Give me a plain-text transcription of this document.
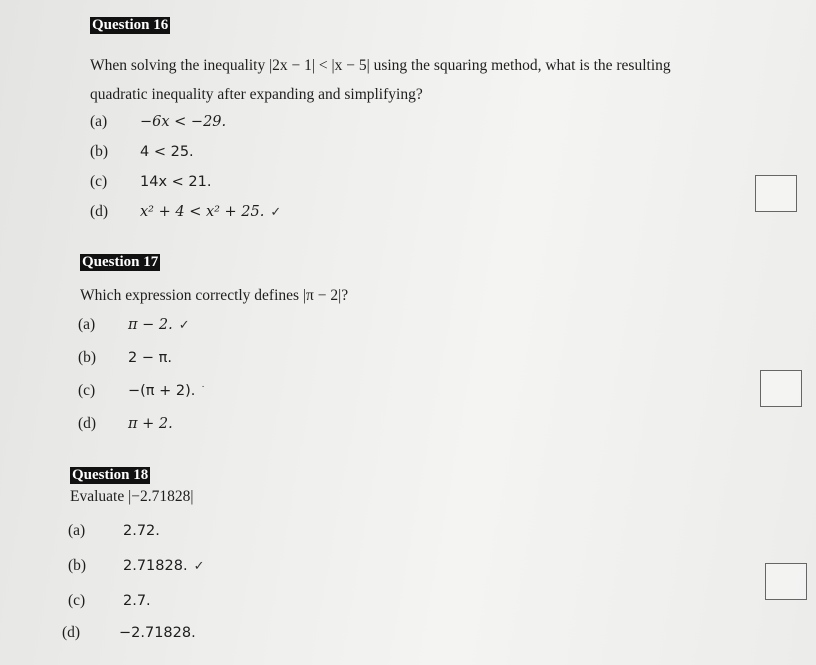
Question 16
When solving the inequality |2x − 1| < |x − 5| using the squaring method, what is the resulting
quadratic inequality after expanding and simplifying?
(a) −6x < −29.
(b) 4 < 25.
(c) 14x < 21.
(d) x² + 4 < x² + 25. ✓
Question 17
Which expression correctly defines |π − 2|?
(a) π − 2. ✓
(b) 2 − π.
(c) −(π + 2). ˙
(d) π + 2.
Question 18
Evaluate |−2.71828|
(a)	2.72.
(b)	2.71828. ✓
(c)	2.7.
(d)	−2.71828.
